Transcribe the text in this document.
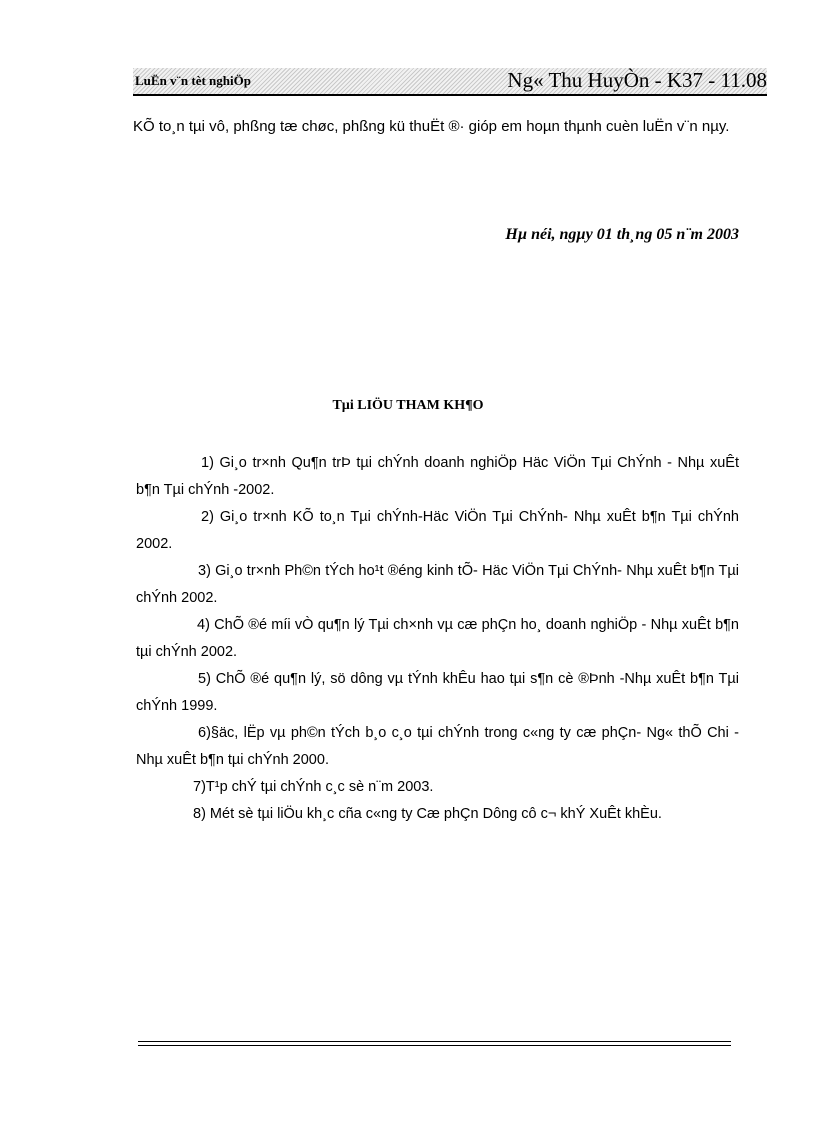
LuËn v¨n tèt nghiÖp	Ng« Thu HuyÒn - K37 - 11.08

KÕ to¸n tµi vô, phßng tæ chøc, phßng kü thuËt ®· gióp em hoµn thµnh cuèn luËn v¨n nµy.

Hµ néi, ngµy 01 th¸ng 05 n¨m 2003
Tµi LIÖU THAM KH¶O
1) Gi¸o tr×nh Qu¶n trÞ tµi chÝnh doanh nghiÖp Häc ViÖn Tµi ChÝnh - Nhµ xuÊt b¶n Tµi chÝnh -2002.
2) Gi¸o tr×nh KÕ to¸n Tµi chÝnh-Häc ViÖn Tµi ChÝnh- Nhµ xuÊt b¶n Tµi chÝnh 2002.
3) Gi¸o tr×nh Ph©n tÝch ho¹t ®éng kinh tÕ- Häc ViÖn Tµi ChÝnh- Nhµ xuÊt b¶n Tµi chÝnh 2002.
4) ChÕ ®é míi vÒ qu¶n lý Tµi ch×nh vµ cæ phÇn ho¸ doanh nghiÖp - Nhµ xuÊt b¶n tµi chÝnh 2002.
5) ChÕ ®é qu¶n lý, sö dông vµ tÝnh khÊu hao tµi s¶n cè ®Þnh -Nhµ xuÊt b¶n Tµi chÝnh 1999.
6)§äc, lËp vµ ph©n tÝch b¸o c¸o tµi chÝnh trong c«ng ty cæ phÇn- Ng« thÕ Chi - Nhµ xuÊt b¶n tµi chÝnh 2000.
7)T¹p chÝ tµi chÝnh c¸c sè n¨m 2003.
8) Mét sè tµi liÖu kh¸c cña c«ng ty Cæ phÇn Dông cô c¬ khÝ XuÊt khÈu.
